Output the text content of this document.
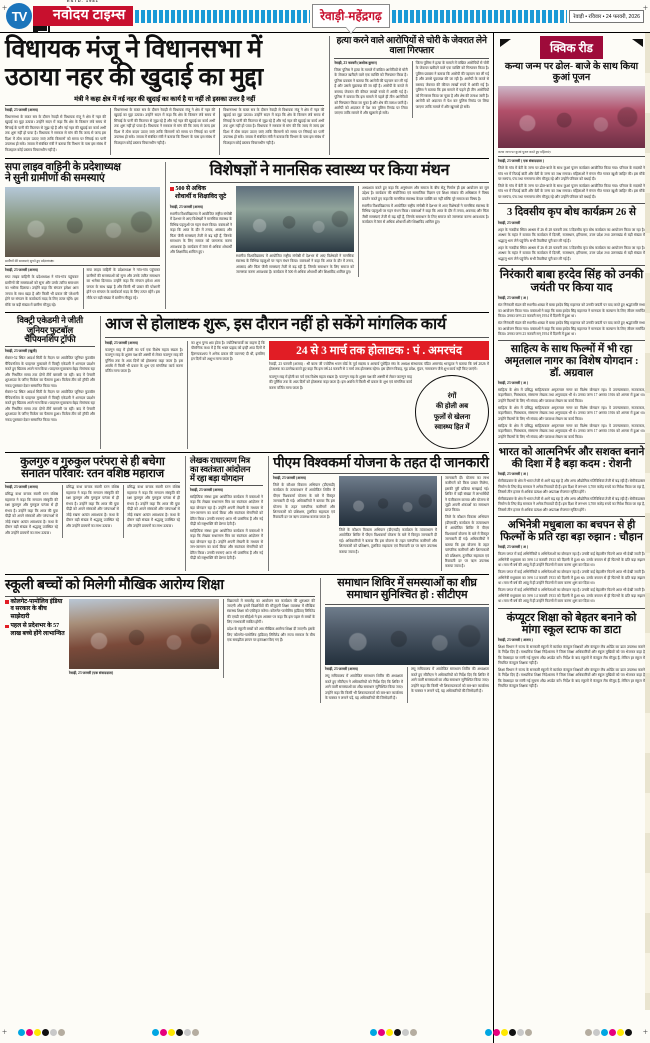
+	+
TV
ESTD. 1981
नवोदय टाइम्स	रेवाड़ी-महेंद्रगढ़	रेवाड़ी • रविवार • 24 फरवरी, 2026
विधायक मंजू ने विधानसभा में
उठाया नहर की खुदाई का मुद्दा
मंत्री ने कहा क्षेत्र में नई नहर की खुदाई का कार्य है या नहीं तो इसका उत्तर है नहीं

रेवाड़ी, 23 फरवरी (अजय)

विधानसभा के बजट सत्र के दौरान रेवाड़ी से विधायक मंजू ने क्षेत्र में नहर की खुदाई का मुद्दा उठाया। उन्होंने सदन में कहा कि क्षेत्र के किसान लंबे समय से सिंचाई के पानी की किल्लत से जूझ रहे हैं और नई नहर की खुदाई का कार्य अभी तक शुरू नहीं हो पाया है। विधायक ने सरकार से मांग की कि जल्द से जल्द इस दिशा में ठोस कदम उठाए जाएं ताकि किसानों को समय पर सिंचाई का पानी उपलब्ध हो सके। जवाब में संबंधित मंत्री ने बताया कि विभाग के पास इस संबंध में फिलहाल कोई प्रस्ताव विचाराधीन नहीं है।

विधानसभा के बजट सत्र के दौरान रेवाड़ी से विधायक मंजू ने क्षेत्र में नहर की खुदाई का मुद्दा उठाया। उन्होंने सदन में कहा कि क्षेत्र के किसान लंबे समय से सिंचाई के पानी की किल्लत से जूझ रहे हैं और नई नहर की खुदाई का कार्य अभी तक शुरू नहीं हो पाया है। विधायक ने सरकार से मांग की कि जल्द से जल्द इस दिशा में ठोस कदम उठाए जाएं ताकि किसानों को समय पर सिंचाई का पानी उपलब्ध हो सके। जवाब में संबंधित मंत्री ने बताया कि विभाग के पास इस संबंध में फिलहाल कोई प्रस्ताव विचाराधीन नहीं है।

विधानसभा के बजट सत्र के दौरान रेवाड़ी से विधायक मंजू ने क्षेत्र में नहर की खुदाई का मुद्दा उठाया। उन्होंने सदन में कहा कि क्षेत्र के किसान लंबे समय से सिंचाई के पानी की किल्लत से जूझ रहे हैं और नई नहर की खुदाई का कार्य अभी तक शुरू नहीं हो पाया है। विधायक ने सरकार से मांग की कि जल्द से जल्द इस दिशा में ठोस कदम उठाए जाएं ताकि किसानों को समय पर सिंचाई का पानी उपलब्ध हो सके। जवाब में संबंधित मंत्री ने बताया कि विभाग के पास इस संबंध में फिलहाल कोई प्रस्ताव विचाराधीन नहीं है।

हत्या करने वाले आरोपियों से चोरी के जेवरात लेने वाला गिरफ्तार

रेवाड़ी, 23 फरवरी (अशोक कुमार)

जिला पुलिस ने हत्या के मामले में वांछित आरोपियों से चोरी के जेवरात खरीदने वाले एक व्यक्ति को गिरफ्तार किया है। पुलिस प्रवक्ता ने बताया कि आरोपी की पहचान कर ली गई है और उससे पूछताछ की जा रही है। आरोपी के कब्जे से बरामद जेवरात की कीमत लाखों रुपये में आंकी गई है। पुलिस ने बताया कि इस मामले में पहले ही तीन आरोपियों को गिरफ्तार किया जा चुका है और शेष की तलाश जारी है। आरोपी को अदालत में पेश कर पुलिस रिमांड पर लिया जाएगा ताकि मामले में और खुलासे हो सकें।

जिला पुलिस ने हत्या के मामले में वांछित आरोपियों से चोरी के जेवरात खरीदने वाले एक व्यक्ति को गिरफ्तार किया है। पुलिस प्रवक्ता ने बताया कि आरोपी की पहचान कर ली गई है और उससे पूछताछ की जा रही है। आरोपी के कब्जे से बरामद जेवरात की कीमत लाखों रुपये में आंकी गई है। पुलिस ने बताया कि इस मामले में पहले ही तीन आरोपियों को गिरफ्तार किया जा चुका है और शेष की तलाश जारी है। आरोपी को अदालत में पेश कर पुलिस रिमांड पर लिया जाएगा ताकि मामले में और खुलासे हो सकें।

सपा लाइव वाहिनी के प्रदेशाध्यक्ष
ने सुनी ग्रामीणों की समस्याएं
ग्रामीणों की समस्याएं सुनते हुए प्रदेशाध्यक्ष।

रेवाड़ी, 23 फरवरी (अजय)

सपा लाइव वाहिनी के प्रदेशाध्यक्ष ने गांव-गांव पहुंचकर ग्रामीणों की समस्याओं को सुना और उनके त्वरित समाधान का भरोसा दिलाया। उन्होंने कहा कि संगठन हमेशा आम जनता के साथ खड़ा है और किसी भी प्रकार की परेशानी होने पर संगठन के कार्यकर्ता मदद के लिए तत्पर रहेंगे। इस मौके पर बड़ी संख्या में ग्रामीण मौजूद रहे।

सपा लाइव वाहिनी के प्रदेशाध्यक्ष ने गांव-गांव पहुंचकर ग्रामीणों की समस्याओं को सुना और उनके त्वरित समाधान का भरोसा दिलाया। उन्होंने कहा कि संगठन हमेशा आम जनता के साथ खड़ा है और किसी भी प्रकार की परेशानी होने पर संगठन के कार्यकर्ता मदद के लिए तत्पर रहेंगे। इस मौके पर बड़ी संख्या में ग्रामीण मौजूद रहे।

विशेषज्ञों ने मानसिक स्वास्थ्य पर किया मंथन
500 से अधिक
शोधार्थी व शिक्षाविद जुटे

रेवाड़ी, 23 फरवरी (अजय)

स्थानीय विश्वविद्यालय में आयोजित राष्ट्रीय संगोष्ठी में देशभर से आए विशेषज्ञों ने मानसिक स्वास्थ्य के विभिन्न पहलुओं पर गहन मंथन किया। वक्ताओं ने कहा कि आज के दौर में तनाव, अवसाद और चिंता जैसी समस्याएं तेजी से बढ़ रही हैं, जिनके समाधान के लिए समाज को जागरूक करना आवश्यक है। कार्यक्रम में 500 से अधिक शोधार्थी और शिक्षाविद शामिल हुए।

स्थानीय विश्वविद्यालय में आयोजित राष्ट्रीय संगोष्ठी में देशभर से आए विशेषज्ञों ने मानसिक स्वास्थ्य के विभिन्न पहलुओं पर गहन मंथन किया। वक्ताओं ने कहा कि आज के दौर में तनाव, अवसाद और चिंता जैसी समस्याएं तेजी से बढ़ रही हैं, जिनके समाधान के लिए समाज को जागरूक करना आवश्यक है। कार्यक्रम में 500 से अधिक शोधार्थी और शिक्षाविद शामिल हुए।

अध्यक्षता करते हुए कहा कि अनुसंधान और समाज के बीच सेतु निर्माण ही इस आयोजन का मूल उद्देश्य है। कार्यक्रम की संयोजिका एवं सामाजिक विज्ञान एवं शिक्षा संकाय की अधिष्ठाता ने विषय प्रवर्तन करते हुए कहा कि मानसिक स्वास्थ्य केवल व्यक्ति का नहीं बल्कि पूरे समाज का विषय है।

स्थानीय विश्वविद्यालय में आयोजित राष्ट्रीय संगोष्ठी में देशभर से आए विशेषज्ञों ने मानसिक स्वास्थ्य के विभिन्न पहलुओं पर गहन मंथन किया। वक्ताओं ने कहा कि आज के दौर में तनाव, अवसाद और चिंता जैसी समस्याएं तेजी से बढ़ रही हैं, जिनके समाधान के लिए समाज को जागरूक करना आवश्यक है। कार्यक्रम में 500 से अधिक शोधार्थी और शिक्षाविद शामिल हुए।

विक्ट्री एकेडमी ने जीती
जूनियर फुटबॉल
चैंपियनशिप ट्रॉफी

रेवाड़ी, 23 फरवरी (खुशी)

सेक्टर-52 स्थित आदर्श सिटी के मैदान पर आयोजित जूनियर फुटबॉल चैंपियनशिप के फाइनल मुकाबले में विक्ट्री एकेडमी ने शानदार प्रदर्शन करते हुए खिताब अपने नाम किया। फाइनल मुकाबला बेहद रोमांचक रहा और निर्धारित समय तक दोनों टीमें बराबरी पर रहीं। बाद में पेनल्टी शूटआउट के जरिए विजेता का फैसला हुआ। विजेता टीम को ट्रॉफी और नकद पुरस्कार देकर सम्मानित किया गया।

सेक्टर-52 स्थित आदर्श सिटी के मैदान पर आयोजित जूनियर फुटबॉल चैंपियनशिप के फाइनल मुकाबले में विक्ट्री एकेडमी ने शानदार प्रदर्शन करते हुए खिताब अपने नाम किया। फाइनल मुकाबला बेहद रोमांचक रहा और निर्धारित समय तक दोनों टीमें बराबरी पर रहीं। बाद में पेनल्टी शूटआउट के जरिए विजेता का फैसला हुआ। विजेता टीम को ट्रॉफी और नकद पुरस्कार देकर सम्मानित किया गया।

आज से होलाष्टक शुरू, इस दौरान नहीं हो सकेंगे मांगलिक कार्य

रेवाड़ी, 23 फरवरी (अजय)

फाल्गुन माह में होली का पर्व एक विशेष महत्व रखता है। फाल्गुन माह के शुक्ल पक्ष की अष्टमी से लेकर फाल्गुन माह की पूर्णिमा तक के आठ दिनों को होलाष्टक कहा जाता है। इस अवधि में किसी भी प्रकार के शुभ एवं मांगलिक कार्य करना वर्जित माना जाता है।

का शुभ पुण्य क्षय होता है। ज्योतिषाचार्यों का कहना है कि पौराणिक कथा में है कि भक्त प्रह्लाद को इन्हीं आठ दिनों में हिरण्यकश्यप ने अनेक प्रकार की यातनाएं दी थीं, इसलिए इन दिनों को अशुभ माना जाता है।

24 से 3 मार्च तक होलाष्टक : पं . अमरचंद
रेवाड़ी, 23 फरवरी (अजय) : श्री बाला जी ज्योतिष भवन बोर्ड के पूर्व सदस्य व आचार्य पुरोहित संघ के अध्यक्ष संस्थापक पंडित अमरचंद भारद्वाज ने बताया कि वर्ष 2026 में होलाष्टक का उल्लेख करते हुए कहा कि इस वर्ष 24 फरवरी से 3 मार्च तक होलाष्टक रहेगा। इस दौरान विवाह, गृह प्रवेश, मुंडन, नामकरण जैसे शुभ कार्य नहीं किए जाएंगे।
फाल्गुन माह में होली का पर्व एक विशेष महत्व रखता है। फाल्गुन माह के शुक्ल पक्ष की अष्टमी से लेकर फाल्गुन माह की पूर्णिमा तक के आठ दिनों को होलाष्टक कहा जाता है। इस अवधि में किसी भी प्रकार के शुभ एवं मांगलिक कार्य करना वर्जित माना जाता है।
रंगों
की होली अब
फूलों से खेलना
स्वास्थ्य हित में
कुलगुरु व गुरुकुल परंपरा से ही बचेगा
सनातन परिवार: रतन वशिष्ठ महाराज

रेवाड़ी, 23 फरवरी (अजय)

प्रसिद्ध कथा वाचक स्वामी रतन वशिष्ठ महाराज ने कहा कि सनातन संस्कृति की रक्षा कुलगुरु और गुरुकुल परंपरा से ही संभव है। उन्होंने कहा कि आज की युवा पीढ़ी को अपने संस्कारों और परंपराओं से जोड़े रखना अत्यंत आवश्यक है। कथा के दौरान बड़ी संख्या में श्रद्धालु उपस्थित रहे और उन्होंने प्रवचनों का लाभ उठाया।

प्रसिद्ध कथा वाचक स्वामी रतन वशिष्ठ महाराज ने कहा कि सनातन संस्कृति की रक्षा कुलगुरु और गुरुकुल परंपरा से ही संभव है। उन्होंने कहा कि आज की युवा पीढ़ी को अपने संस्कारों और परंपराओं से जोड़े रखना अत्यंत आवश्यक है। कथा के दौरान बड़ी संख्या में श्रद्धालु उपस्थित रहे और उन्होंने प्रवचनों का लाभ उठाया।

प्रसिद्ध कथा वाचक स्वामी रतन वशिष्ठ महाराज ने कहा कि सनातन संस्कृति की रक्षा कुलगुरु और गुरुकुल परंपरा से ही संभव है। उन्होंने कहा कि आज की युवा पीढ़ी को अपने संस्कारों और परंपराओं से जोड़े रखना अत्यंत आवश्यक है। कथा के दौरान बड़ी संख्या में श्रद्धालु उपस्थित रहे और उन्होंने प्रवचनों का लाभ उठाया।

लेखक राधारमण मित्र
का स्वतंत्रता आंदोलन
में रहा बड़ा योगदान

रेवाड़ी, 23 फरवरी (अजय)

साहित्यिक संस्था द्वारा आयोजित कार्यक्रम में वक्ताओं ने कहा कि लेखक राधारमण मित्र का स्वतंत्रता आंदोलन में बड़ा योगदान रहा है। उन्होंने अपनी लेखनी के माध्यम से जन-जागरण का कार्य किया और स्वतंत्रता सेनानियों को प्रेरित किया। उनकी रचनाएं आज भी प्रासंगिक हैं और नई पीढ़ी को राष्ट्रभक्ति की प्रेरणा देती हैं।

साहित्यिक संस्था द्वारा आयोजित कार्यक्रम में वक्ताओं ने कहा कि लेखक राधारमण मित्र का स्वतंत्रता आंदोलन में बड़ा योगदान रहा है। उन्होंने अपनी लेखनी के माध्यम से जन-जागरण का कार्य किया और स्वतंत्रता सेनानियों को प्रेरित किया। उनकी रचनाएं आज भी प्रासंगिक हैं और नई पीढ़ी को राष्ट्रभक्ति की प्रेरणा देती हैं।

पीएम विश्वकर्मा योजना के तहत दी जानकारी

रेवाड़ी, 23 फरवरी (अजय)

जिले के कौशल विकास अभियान (डीएसडी) कार्यक्रम के तत्वावधान में आयोजित शिविर में पीएम विश्वकर्मा योजना के बारे में विस्तृत जानकारी दी गई। अधिकारियों ने बताया कि इस योजना के तहत पारंपरिक कारीगरों और शिल्पकारों को प्रशिक्षण, टूलकिट सहायता एवं रियायती दर पर ऋण उपलब्ध कराया जाता है।

जिले के कौशल विकास अभियान (डीएसडी) कार्यक्रम के तत्वावधान में आयोजित शिविर में पीएम विश्वकर्मा योजना के बारे में विस्तृत जानकारी दी गई। अधिकारियों ने बताया कि इस योजना के तहत पारंपरिक कारीगरों और शिल्पकारों को प्रशिक्षण, टूलकिट सहायता एवं रियायती दर पर ऋण उपलब्ध कराया जाता है।

जानकारी दी। योजना का लाभ कारीगरों को किस प्रकार मिलेगा, इसकी पूरी प्रक्रिया समझाई गई। शिविर में बड़ी संख्या में लाभार्थियों ने पंजीकरण कराया और योजना से जुड़ी अपनी शंकाओं का समाधान प्राप्त किया।

जिले के कौशल विकास अभियान (डीएसडी) कार्यक्रम के तत्वावधान में आयोजित शिविर में पीएम विश्वकर्मा योजना के बारे में विस्तृत जानकारी दी गई। अधिकारियों ने बताया कि इस योजना के तहत पारंपरिक कारीगरों और शिल्पकारों को प्रशिक्षण, टूलकिट सहायता एवं रियायती दर पर ऋण उपलब्ध कराया जाता है।

स्कूली बच्चों को मिलेगी मौखिक आरोग्य शिक्षा
कोलगेट-पामोलिव इंडिया व सरकार के बीच साझेदारी
पहल से प्रदेशभर के 57 लाख बच्चे होंगे लाभान्वित

रेवाड़ी, 23 फरवरी (एक संवाददाता)

विद्यालयों में समारोह का आयोजन कर कार्यक्रम की शुरुआत की जाएगी और इसमें विद्यार्थियों की मौजूदगी शिक्षा व्यवस्था में मौखिक स्वास्थ्य शिक्षा को एकीकृत करेगा। कोलगेट-पामोलिव (इंडिया) लिमिटेड की एमडी एवं सीईओ ने इस अवसर पर कहा कि इस पहल से बच्चों के लिए लाभकारी साबित होगी।

प्रदेश के स्कूली बच्चों को अब मौखिक आरोग्य शिक्षा दी जाएगी। इसके लिए कोलगेट-पामोलिव (इंडिया) लिमिटेड और राज्य सरकार के बीच एक समझौता ज्ञापन पर हस्ताक्षर किए गए हैं।

समाधान शिविर में समस्याओं का शीघ्र
समाधान सुनिश्चित हो : सीटीएम

रेवाड़ी, 23 फरवरी (अजय)

लघु सचिवालय में आयोजित समाधान शिविर की अध्यक्षता करते हुए सीटीएम ने अधिकारियों को निर्देश दिए कि शिविर में आने वाली समस्याओं का शीघ्र समाधान सुनिश्चित किया जाए। उन्होंने कहा कि किसी भी शिकायतकर्ता को बार-बार कार्यालय के चक्कर न लगाने पड़ें, यह अधिकारियों की जिम्मेदारी है।

लघु सचिवालय में आयोजित समाधान शिविर की अध्यक्षता करते हुए सीटीएम ने अधिकारियों को निर्देश दिए कि शिविर में आने वाली समस्याओं का शीघ्र समाधान सुनिश्चित किया जाए। उन्होंने कहा कि किसी भी शिकायतकर्ता को बार-बार कार्यालय के चक्कर न लगाने पड़ें, यह अधिकारियों की जिम्मेदारी है।

क्विक रीड
कन्या जन्म पर ढोल- बाजे के साथ किया कुआं पूजन
कन्या जन्म पर कुआं पूजन करते हुए महिलाएं।

रेवाड़ी, 23 फरवरी ( एक संवाददाता )

जिले के गांव में बेटी के जन्म पर ढोल-बाजे के साथ कुआं पूजन कार्यक्रम आयोजित किया गया। परिवार के सदस्यों ने गांव भर में मिठाई बांटी और बेटी के जन्म का जश्न मनाया। महिलाओं ने मंगल गीत गाकर खुशी जाहिर की। इस मौके पर सरपंच, पंच तथा गणमान्य लोग मौजूद रहे और उन्होंने परिवार को बधाई दी।

जिले के गांव में बेटी के जन्म पर ढोल-बाजे के साथ कुआं पूजन कार्यक्रम आयोजित किया गया। परिवार के सदस्यों ने गांव भर में मिठाई बांटी और बेटी के जन्म का जश्न मनाया। महिलाओं ने मंगल गीत गाकर खुशी जाहिर की। इस मौके पर सरपंच, पंच तथा गणमान्य लोग मौजूद रहे और उन्होंने परिवार को बधाई दी।

3 दिवसीय कृप बोध कार्यक्रम 26 से

रेवाड़ी, 23 फरवरी

शहर के नजदीक स्थित आश्रम में 26 से 28 फरवरी तक 3 दिवसीय कृप बोध कार्यक्रम का आयोजन किया जा रहा है। आश्रम के महंत ने बताया कि कार्यक्रम में दिल्ली, राजस्थान, हरियाणा, उत्तर प्रदेश तथा उत्तराखंड से बड़ी संख्या में श्रद्धालु भाग लेने पहुंचेंगे। सभी तैयारियां पूरी कर ली गई हैं।

शहर के नजदीक स्थित आश्रम में 26 से 28 फरवरी तक 3 दिवसीय कृप बोध कार्यक्रम का आयोजन किया जा रहा है। आश्रम के महंत ने बताया कि कार्यक्रम में दिल्ली, राजस्थान, हरियाणा, उत्तर प्रदेश तथा उत्तराखंड से बड़ी संख्या में श्रद्धालु भाग लेने पहुंचेंगे। सभी तैयारियां पूरी कर ली गई हैं।

निरंकारी बाबा हरदेव सिंह को उनकी जयंती पर किया याद

रेवाड़ी, 23 फरवरी ( अ )

संत निरंकारी मंडल की स्थानीय शाखा में बाबा हरदेव सिंह महाराज को उनकी जयंती पर याद करते हुए श्रद्धांजलि सभा का आयोजन किया गया। वक्ताओं ने कहा कि बाबा हरदेव सिंह महाराज ने मानवता के कल्याण के लिए जीवन समर्पित किया। उनका जन्म 23 फरवरी सन् 1954 में दिल्ली में हुआ था।

संत निरंकारी मंडल की स्थानीय शाखा में बाबा हरदेव सिंह महाराज को उनकी जयंती पर याद करते हुए श्रद्धांजलि सभा का आयोजन किया गया। वक्ताओं ने कहा कि बाबा हरदेव सिंह महाराज ने मानवता के कल्याण के लिए जीवन समर्पित किया। उनका जन्म 23 फरवरी सन् 1954 में दिल्ली में हुआ था।

साहित्य के साथ फिल्मों में भी रहा अमृतलाल नागर का विशेष योगदान : डॉ. अग्रवाल

रेवाड़ी, 23 फरवरी ( अ )

साहित्य के क्षेत्र में प्रसिद्ध साहित्यकार अमृतलाल नागर का विशेष योगदान रहा। वे उपन्यासकार, नाटककार, कहानीकार, निबंधकार, संस्मरण लेखक तथा अनुवादक भी थे। उनका जन्म 17 अगस्त 1916 को आगरा में हुआ था। उन्होंने फिल्मों के लिए भी संवाद और पटकथा लेखन का कार्य किया।

साहित्य के क्षेत्र में प्रसिद्ध साहित्यकार अमृतलाल नागर का विशेष योगदान रहा। वे उपन्यासकार, नाटककार, कहानीकार, निबंधकार, संस्मरण लेखक तथा अनुवादक भी थे। उनका जन्म 17 अगस्त 1916 को आगरा में हुआ था। उन्होंने फिल्मों के लिए भी संवाद और पटकथा लेखन का कार्य किया।

साहित्य के क्षेत्र में प्रसिद्ध साहित्यकार अमृतलाल नागर का विशेष योगदान रहा। वे उपन्यासकार, नाटककार, कहानीकार, निबंधकार, संस्मरण लेखक तथा अनुवादक भी थे। उनका जन्म 17 अगस्त 1916 को आगरा में हुआ था। उन्होंने फिल्मों के लिए भी संवाद और पटकथा लेखन का कार्य किया।

भारत को आत्मनिर्भर और सशक्त बनाने की दिशा में है बड़ा कदम : रोशनी

रेवाड़ी, 23 फरवरी ( अ )

सेमीकंडक्टर के क्षेत्र में भारत तेजी से आगे बढ़ रहा है और अन्य औद्योगिक गतिविधियां तेजी से बढ़ रही हैं। सेमीकंडक्टर निर्माण के लिए केंद्र सरकार ने अनेक रियायतें दी हैं। इस दिशा में लगभग 3,700 करोड़ रुपये का निवेश किया जा रहा है, जिससे तीन हजार से अधिक प्रत्यक्ष और अप्रत्यक्ष रोजगार सृजित होंगे।

सेमीकंडक्टर के क्षेत्र में भारत तेजी से आगे बढ़ रहा है और अन्य औद्योगिक गतिविधियां तेजी से बढ़ रही हैं। सेमीकंडक्टर निर्माण के लिए केंद्र सरकार ने अनेक रियायतें दी हैं। इस दिशा में लगभग 3,700 करोड़ रुपये का निवेश किया जा रहा है, जिससे तीन हजार से अधिक प्रत्यक्ष और अप्रत्यक्ष रोजगार सृजित होंगे।

अभिनेत्री मधुबाला का बचपन से ही फिल्मों के प्रति रहा बड़ा रुझान : चौहान

रेवाड़ी, 23 फरवरी ( अ )

फिल्म जगत में कई अभिनेत्रियों व अभिनेताओं का योगदान रहा है। उनकी कई बेहतरीन फिल्में आज भी देखी जाती हैं। अभिनेत्री मधुबाला का जन्म 14 फरवरी 1933 को दिल्ली में हुआ था। उनके बचपन से ही फिल्मों के प्रति बड़ा रुझान था। मात्र नौ वर्ष की आयु में ही उन्होंने फिल्मों में काम करना शुरू कर दिया था।

फिल्म जगत में कई अभिनेत्रियों व अभिनेताओं का योगदान रहा है। उनकी कई बेहतरीन फिल्में आज भी देखी जाती हैं। अभिनेत्री मधुबाला का जन्म 14 फरवरी 1933 को दिल्ली में हुआ था। उनके बचपन से ही फिल्मों के प्रति बड़ा रुझान था। मात्र नौ वर्ष की आयु में ही उन्होंने फिल्मों में काम करना शुरू कर दिया था।

फिल्म जगत में कई अभिनेत्रियों व अभिनेताओं का योगदान रहा है। उनकी कई बेहतरीन फिल्में आज भी देखी जाती हैं। अभिनेत्री मधुबाला का जन्म 14 फरवरी 1933 को दिल्ली में हुआ था। उनके बचपन से ही फिल्मों के प्रति बड़ा रुझान था। मात्र नौ वर्ष की आयु में ही उन्होंने फिल्मों में काम करना शुरू कर दिया था।

कंप्यूटर शिक्षा को बेहतर बनाने को मांगा स्कूल स्टाफ का डाटा

रेवाड़ी, 23 फरवरी ( अजय )

शिक्षा विभाग ने राज्य के सरकारी स्कूलों में कार्यरत कंप्यूटर शिक्षकों और कंप्यूटर लैब अटेंडेंट का डाटा उपलब्ध कराने के निर्देश दिए हैं। माध्यमिक शिक्षा निदेशालय ने जिला शिक्षा अधिकारियों और स्कूल मुखियों को पत्र भेजकर कहा है कि वेबसाइट पर मांगी गई सूचना शीघ्र अपडेट करें। निर्देश के बाद स्कूलों में कंप्यूटर लैब मौजूद हैं, लेकिन हर स्कूल में नियमित कंप्यूटर शिक्षक नहीं हैं।

शिक्षा विभाग ने राज्य के सरकारी स्कूलों में कार्यरत कंप्यूटर शिक्षकों और कंप्यूटर लैब अटेंडेंट का डाटा उपलब्ध कराने के निर्देश दिए हैं। माध्यमिक शिक्षा निदेशालय ने जिला शिक्षा अधिकारियों और स्कूल मुखियों को पत्र भेजकर कहा है कि वेबसाइट पर मांगी गई सूचना शीघ्र अपडेट करें। निर्देश के बाद स्कूलों में कंप्यूटर लैब मौजूद हैं, लेकिन हर स्कूल में नियमित कंप्यूटर शिक्षक नहीं हैं।

+	+
